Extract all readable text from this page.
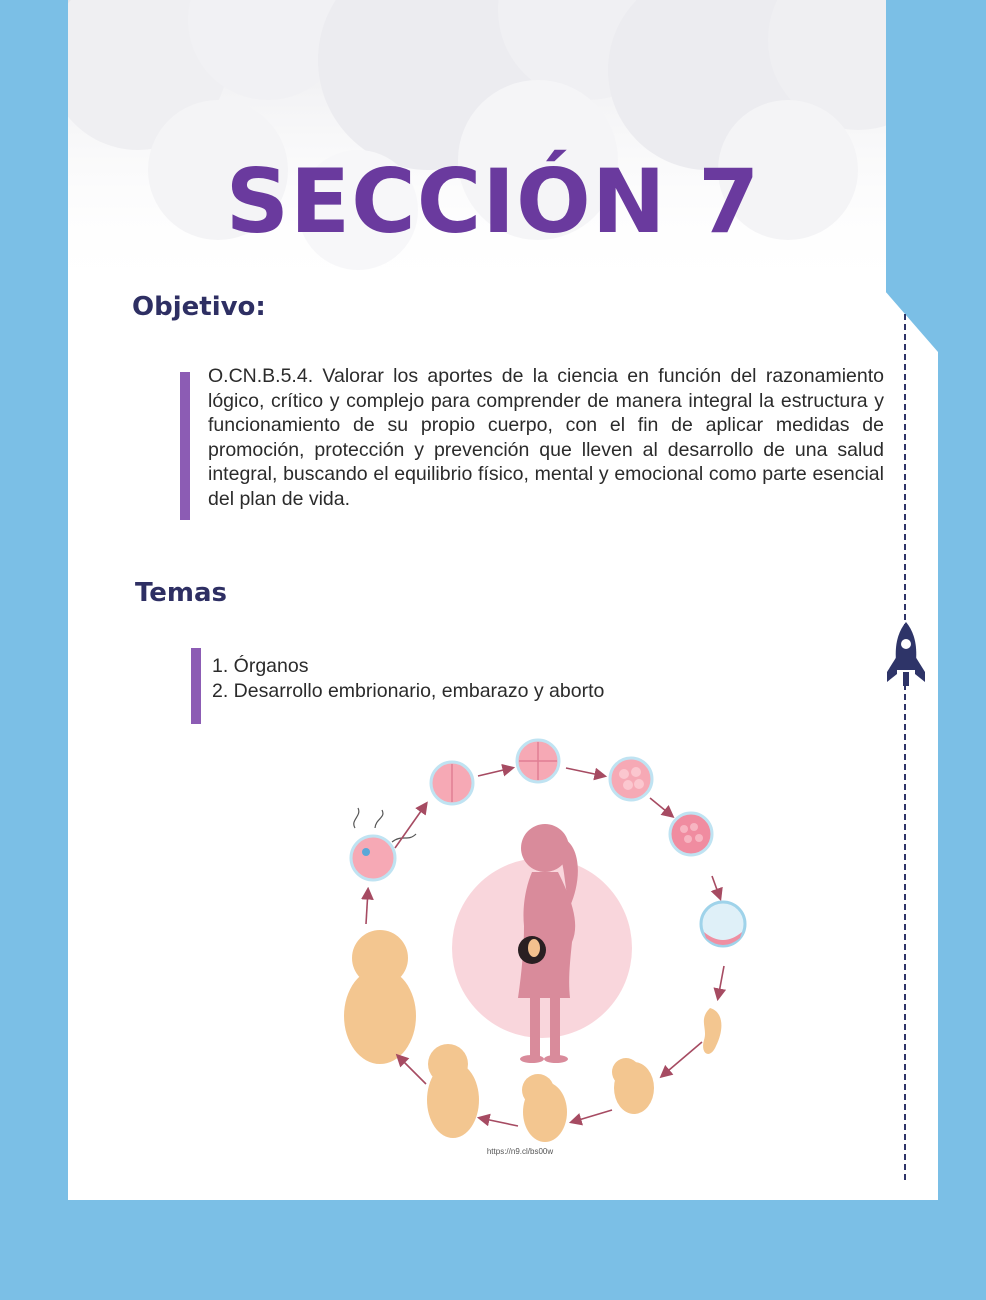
SECCIÓN 7
Objetivo:

O.CN.B.5.4. Valorar los aportes de la ciencia en función del razonamiento lógico, crítico y complejo para comprender de manera integral la estructura y funcionamiento de su propio cuerpo, con el fin de aplicar medidas de promoción, protección y prevención que lleven al desarrollo de una salud integral, buscando el equilibrio físico, mental y emocional como parte esencial del plan de vida.

Temas
1. Órganos
2. Desarrollo embrionario, embarazo y aborto
https://n9.cl/bs00w
